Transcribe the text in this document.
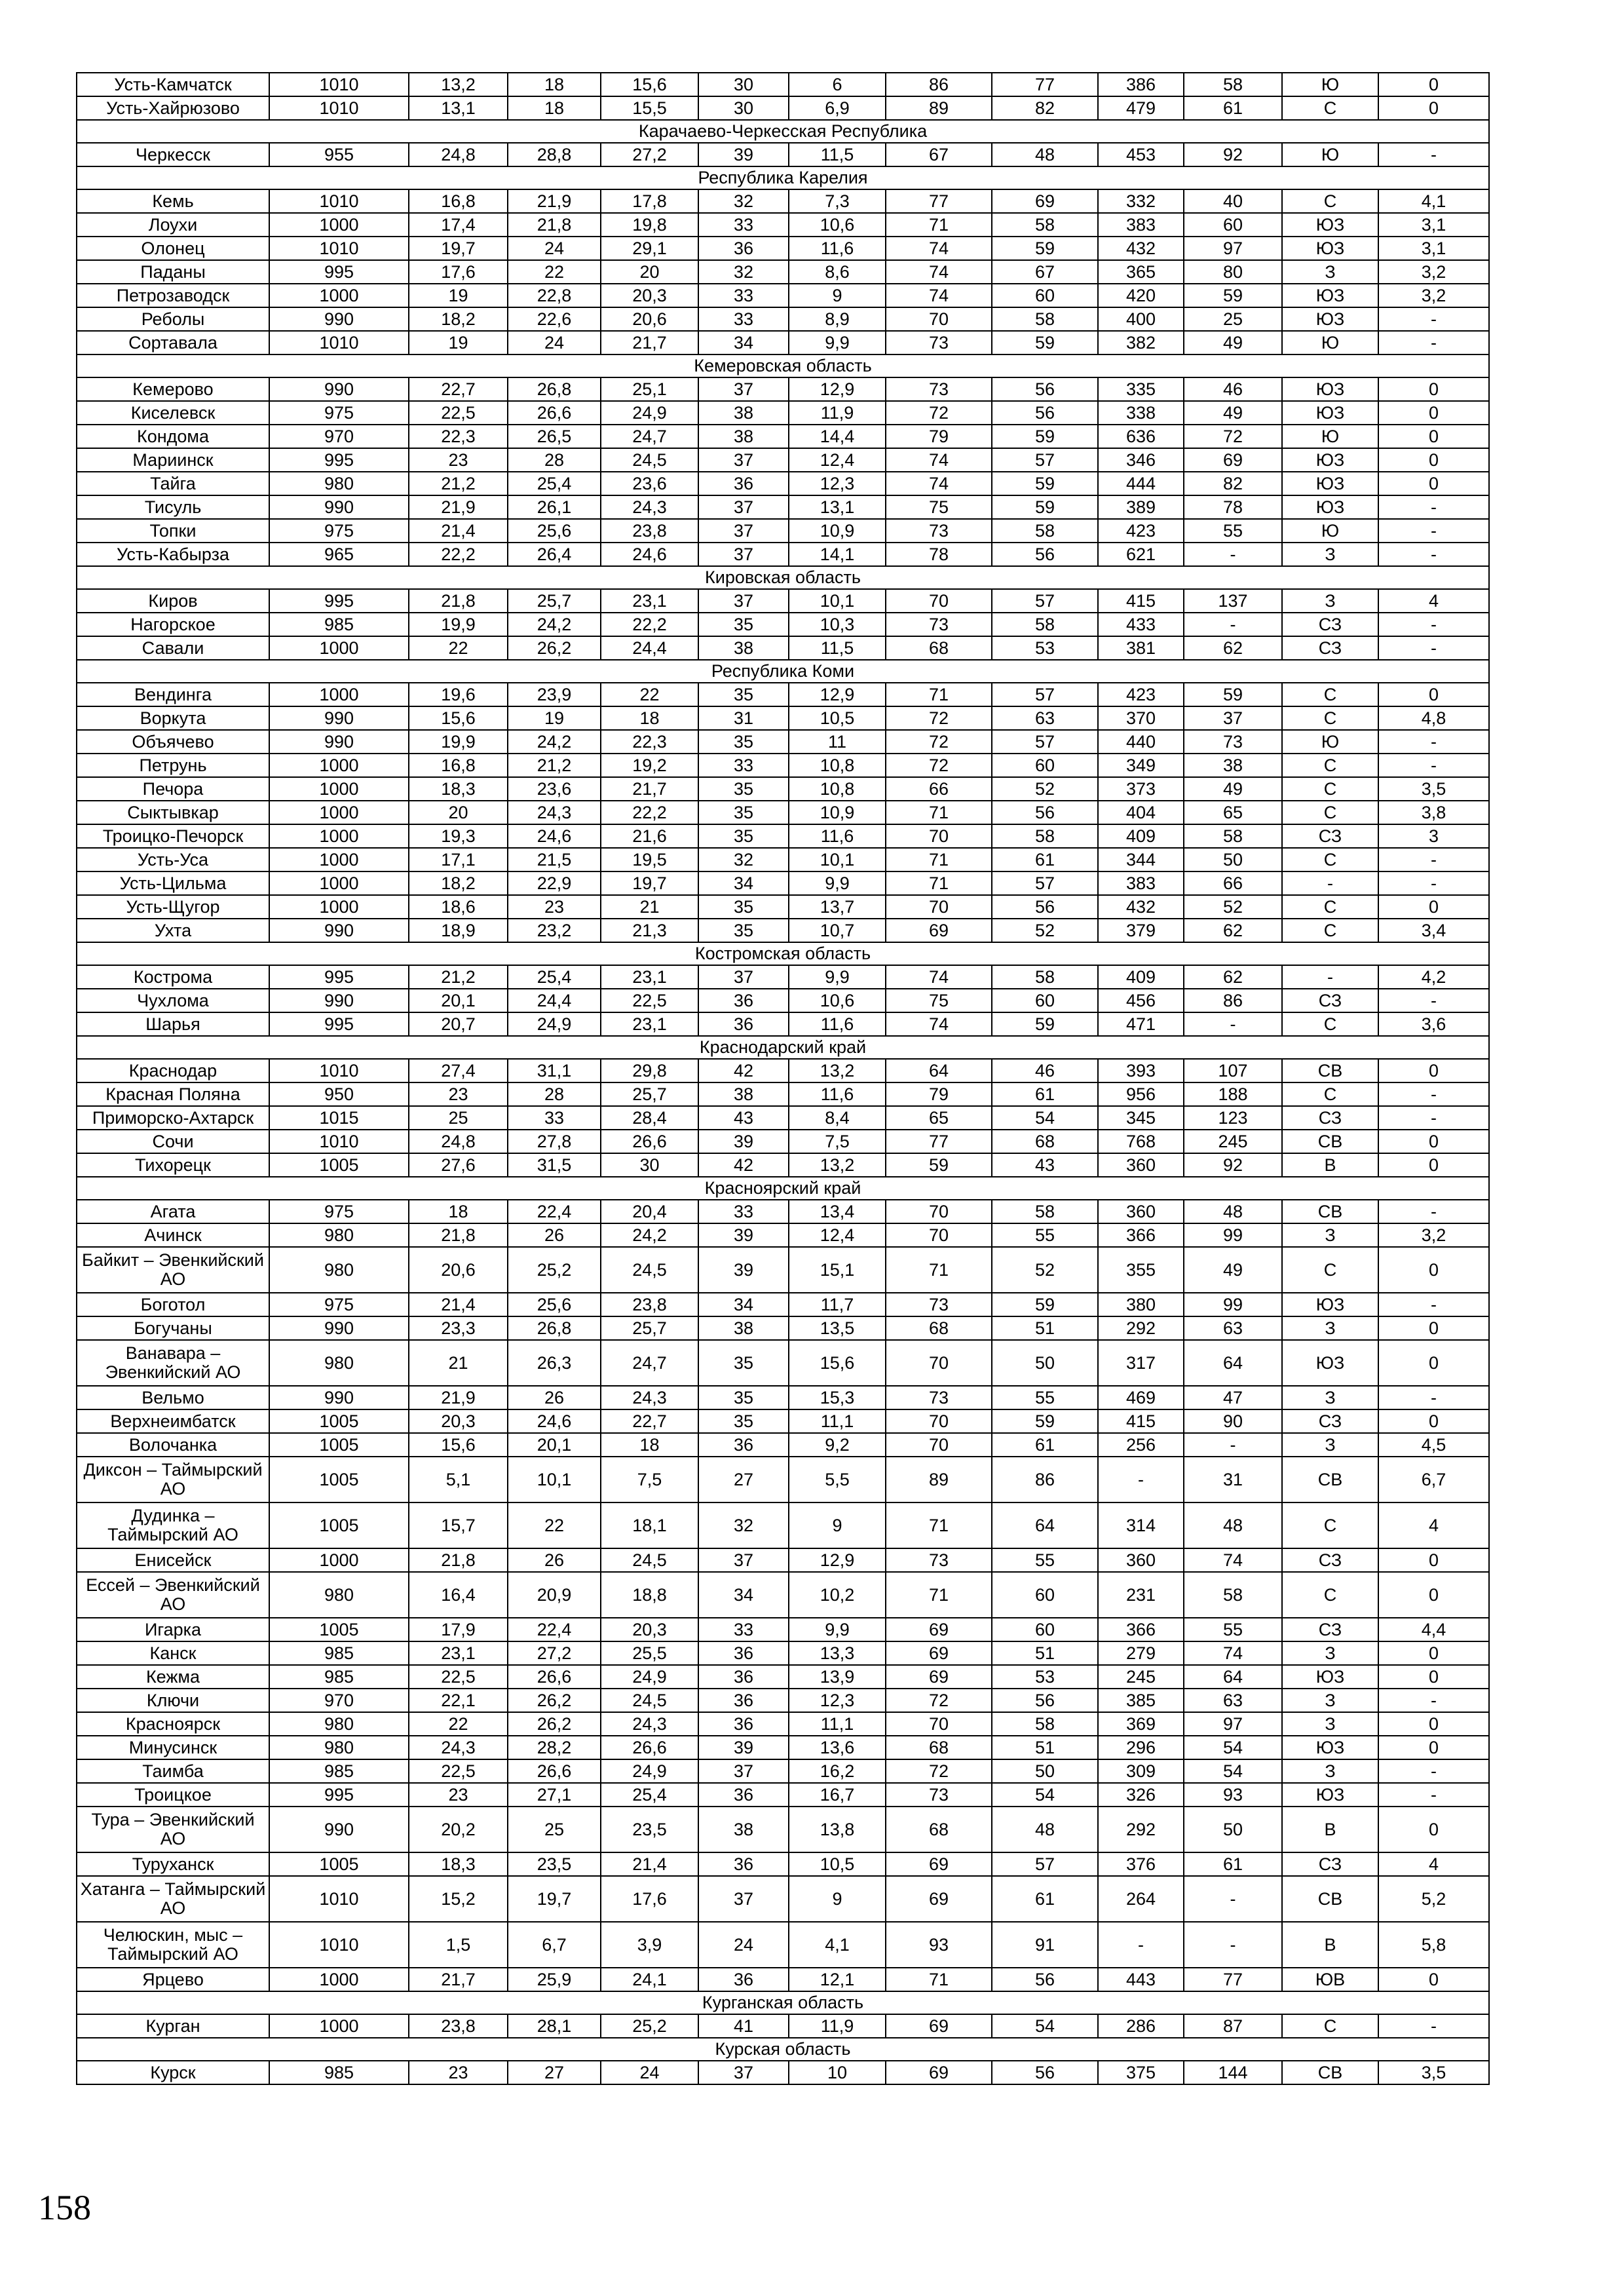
Усть-Камчатск	1010	13,2	18	15,6	30	6	86	77	386	58	Ю	0
Усть-Хайрюзово	1010	13,1	18	15,5	30	6,9	89	82	479	61	С	0
Карачаево-Черкесская Республика												
Черкесск	955	24,8	28,8	27,2	39	11,5	67	48	453	92	Ю	-
Республика Карелия												
Кемь	1010	16,8	21,9	17,8	32	7,3	77	69	332	40	С	4,1
Лоухи	1000	17,4	21,8	19,8	33	10,6	71	58	383	60	ЮЗ	3,1
Олонец	1010	19,7	24	29,1	36	11,6	74	59	432	97	ЮЗ	3,1
Паданы	995	17,6	22	20	32	8,6	74	67	365	80	З	3,2
Петрозаводск	1000	19	22,8	20,3	33	9	74	60	420	59	ЮЗ	3,2
Реболы	990	18,2	22,6	20,6	33	8,9	70	58	400	25	ЮЗ	-
Сортавала	1010	19	24	21,7	34	9,9	73	59	382	49	Ю	-
Кемеровская область												
Кемерово	990	22,7	26,8	25,1	37	12,9	73	56	335	46	ЮЗ	0
Киселевск	975	22,5	26,6	24,9	38	11,9	72	56	338	49	ЮЗ	0
Кондома	970	22,3	26,5	24,7	38	14,4	79	59	636	72	Ю	0
Мариинск	995	23	28	24,5	37	12,4	74	57	346	69	ЮЗ	0
Тайга	980	21,2	25,4	23,6	36	12,3	74	59	444	82	ЮЗ	0
Тисуль	990	21,9	26,1	24,3	37	13,1	75	59	389	78	ЮЗ	-
Топки	975	21,4	25,6	23,8	37	10,9	73	58	423	55	Ю	-
Усть-Кабырза	965	22,2	26,4	24,6	37	14,1	78	56	621	-	З	-
Кировская область												
Киров	995	21,8	25,7	23,1	37	10,1	70	57	415	137	З	4
Нагорское	985	19,9	24,2	22,2	35	10,3	73	58	433	-	СЗ	-
Савали	1000	22	26,2	24,4	38	11,5	68	53	381	62	СЗ	-
Республика Коми												
Вендинга	1000	19,6	23,9	22	35	12,9	71	57	423	59	С	0
Воркута	990	15,6	19	18	31	10,5	72	63	370	37	С	4,8
Объячево	990	19,9	24,2	22,3	35	11	72	57	440	73	Ю	-
Петрунь	1000	16,8	21,2	19,2	33	10,8	72	60	349	38	С	-
Печора	1000	18,3	23,6	21,7	35	10,8	66	52	373	49	С	3,5
Сыктывкар	1000	20	24,3	22,2	35	10,9	71	56	404	65	С	3,8
Троицко-Печорск	1000	19,3	24,6	21,6	35	11,6	70	58	409	58	СЗ	3
Усть-Уса	1000	17,1	21,5	19,5	32	10,1	71	61	344	50	С	-
Усть-Цильма	1000	18,2	22,9	19,7	34	9,9	71	57	383	66	-	-
Усть-Щугор	1000	18,6	23	21	35	13,7	70	56	432	52	С	0
Ухта	990	18,9	23,2	21,3	35	10,7	69	52	379	62	С	3,4
Костромская область												
Кострома	995	21,2	25,4	23,1	37	9,9	74	58	409	62	-	4,2
Чухлома	990	20,1	24,4	22,5	36	10,6	75	60	456	86	СЗ	-
Шарья	995	20,7	24,9	23,1	36	11,6	74	59	471	-	С	3,6
Краснодарский край												
Краснодар	1010	27,4	31,1	29,8	42	13,2	64	46	393	107	СВ	0
Красная Поляна	950	23	28	25,7	38	11,6	79	61	956	188	С	-
Приморско-Ахтарск	1015	25	33	28,4	43	8,4	65	54	345	123	СЗ	-
Сочи	1010	24,8	27,8	26,6	39	7,5	77	68	768	245	СВ	0
Тихорецк	1005	27,6	31,5	30	42	13,2	59	43	360	92	В	0
Красноярский край												
Агата	975	18	22,4	20,4	33	13,4	70	58	360	48	СВ	-
Ачинск	980	21,8	26	24,2	39	12,4	70	55	366	99	З	3,2
Байкит – Эвенкийский АО	980	20,6	25,2	24,5	39	15,1	71	52	355	49	С	0
Боготол	975	21,4	25,6	23,8	34	11,7	73	59	380	99	ЮЗ	-
Богучаны	990	23,3	26,8	25,7	38	13,5	68	51	292	63	З	0
Ванавара – Эвенкийский АО	980	21	26,3	24,7	35	15,6	70	50	317	64	ЮЗ	0
Вельмо	990	21,9	26	24,3	35	15,3	73	55	469	47	З	-
Верхнеимбатск	1005	20,3	24,6	22,7	35	11,1	70	59	415	90	СЗ	0
Волочанка	1005	15,6	20,1	18	36	9,2	70	61	256	-	З	4,5
Диксон – Таймырский АО	1005	5,1	10,1	7,5	27	5,5	89	86	-	31	СВ	6,7
Дудинка – Таймырский АО	1005	15,7	22	18,1	32	9	71	64	314	48	С	4
Енисейск	1000	21,8	26	24,5	37	12,9	73	55	360	74	СЗ	0
Ессей – Эвенкийский АО	980	16,4	20,9	18,8	34	10,2	71	60	231	58	С	0
Игарка	1005	17,9	22,4	20,3	33	9,9	69	60	366	55	СЗ	4,4
Канск	985	23,1	27,2	25,5	36	13,3	69	51	279	74	З	0
Кежма	985	22,5	26,6	24,9	36	13,9	69	53	245	64	ЮЗ	0
Ключи	970	22,1	26,2	24,5	36	12,3	72	56	385	63	З	-
Красноярск	980	22	26,2	24,3	36	11,1	70	58	369	97	З	0
Минусинск	980	24,3	28,2	26,6	39	13,6	68	51	296	54	ЮЗ	0
Таимба	985	22,5	26,6	24,9	37	16,2	72	50	309	54	З	-
Троицкое	995	23	27,1	25,4	36	16,7	73	54	326	93	ЮЗ	-
Тура – Эвенкийский АО	990	20,2	25	23,5	38	13,8	68	48	292	50	В	0
Туруханск	1005	18,3	23,5	21,4	36	10,5	69	57	376	61	СЗ	4
Хатанга – Таймырский АО	1010	15,2	19,7	17,6	37	9	69	61	264	-	СВ	5,2
Челюскин, мыс – Таймырский АО	1010	1,5	6,7	3,9	24	4,1	93	91	-	-	В	5,8
Ярцево	1000	21,7	25,9	24,1	36	12,1	71	56	443	77	ЮВ	0
Курганская область												
Курган	1000	23,8	28,1	25,2	41	11,9	69	54	286	87	С	-
Курская область												
Курск	985	23	27	24	37	10	69	56	375	144	СВ	3,5
158
